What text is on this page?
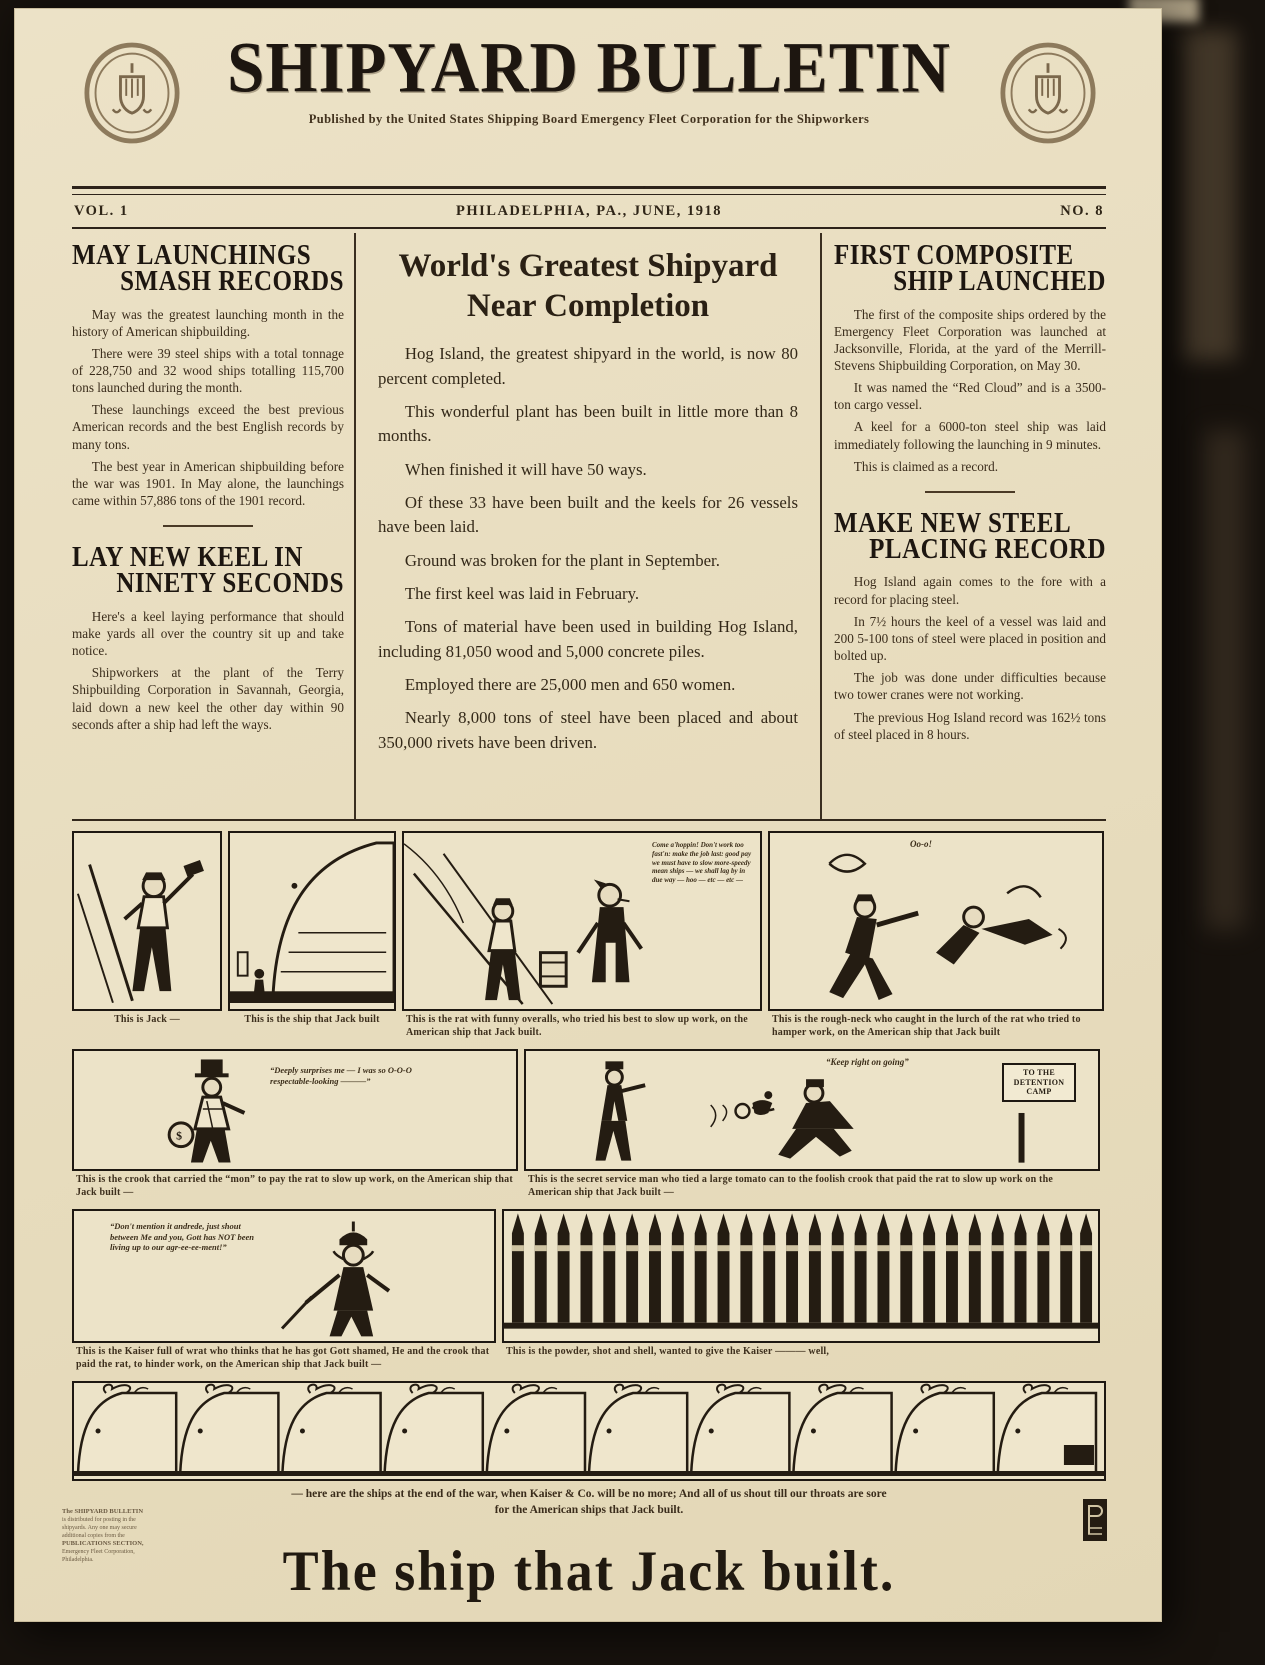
SHIPYARD BULLETIN
Published by the United States Shipping Board Emergency Fleet Corporation for the Shipworkers
VOL. 1	PHILADELPHIA, PA., JUNE, 1918	NO. 8
MAY LAUNCHINGS
SMASH RECORDS

May was the greatest launching month in the history of American shipbuilding.

There were 39 steel ships with a total tonnage of 228,750 and 32 wood ships totalling 115,700 tons launched during the month.

These launchings exceed the best previous American records and the best English records by many tons.

The best year in American shipbuilding before the war was 1901. In May alone, the launchings came within 57,886 tons of the 1901 record.

LAY NEW KEEL IN
NINETY SECONDS

Here's a keel laying performance that should make yards all over the country sit up and take notice.

Shipworkers at the plant of the Terry Shipbuilding Corporation in Savannah, Georgia, laid down a new keel the other day within 90 seconds after a ship had left the ways.

World's Greatest Shipyard
Near Completion

Hog Island, the greatest shipyard in the world, is now 80 percent completed.

This wonderful plant has been built in little more than 8 months.

When finished it will have 50 ways.

Of these 33 have been built and the keels for 26 vessels have been laid.

Ground was broken for the plant in September.

The first keel was laid in February.

Tons of material have been used in building Hog Island, including 81,050 wood and 5,000 concrete piles.

Employed there are 25,000 men and 650 women.

Nearly 8,000 tons of steel have been placed and about 350,000 rivets have been driven.

FIRST COMPOSITE
SHIP LAUNCHED

The first of the composite ships ordered by the Emergency Fleet Corporation was launched at Jacksonville, Florida, at the yard of the Merrill-Stevens Shipbuilding Corporation, on May 30.

It was named the “Red Cloud” and is a 3500-ton cargo vessel.

A keel for a 6000-ton steel ship was laid immediately following the launching in 9 minutes.

This is claimed as a record.

MAKE NEW STEEL
PLACING RECORD

Hog Island again comes to the fore with a record for placing steel.

In 7½ hours the keel of a vessel was laid and 200 5-100 tons of steel were placed in position and bolted up.

The job was done under difficulties because two tower cranes were not working.

The previous Hog Island record was 162½ tons of steel placed in 8 hours.

This is Jack —	This is the ship that Jack built
Come a'hoppin! Don't work too fast'n: make the job last: good pay we must have to slow more-speedy mean ships — we shall lag by in due way — hoo — etc — etc —
This is the rat with funny overalls, who tried his best to slow up work, on the American ship that Jack built.
Oo-o!
This is the rough-neck who caught in the lurch of the rat who tried to hamper work, on the American ship that Jack built
$
“Deeply surprises me — I was so O-O-O respectable-looking ———”
This is the crook that carried the “mon” to pay the rat to slow up work, on the American ship that Jack built —
“Keep right on going”
TO THE DETENTION CAMP
This is the secret service man who tied a large tomato can to the foolish crook that paid the rat to slow up work on the American ship that Jack built —
“Don't mention it andrede, just shout between Me and you, Gott has NOT been living up to our agr-ee-ee-ment!”
This is the Kaiser full of wrat who thinks that he has got Gott shamed, He and the crook that paid the rat, to hinder work, on the American ship that Jack built —
This is the powder, shot and shell, wanted to give the Kaiser ——— well,
— here are the ships at the end of the war, when Kaiser & Co. will be no more; And all of us shout till our throats are sore
for the American ships that Jack built.
The ship that Jack built.
The SHIPYARD BULLETIN
is distributed for posting in the
shipyards. Any one may secure
additional copies from the
PUBLICATIONS SECTION,
Emergency Fleet Corporation,
Philadelphia.
